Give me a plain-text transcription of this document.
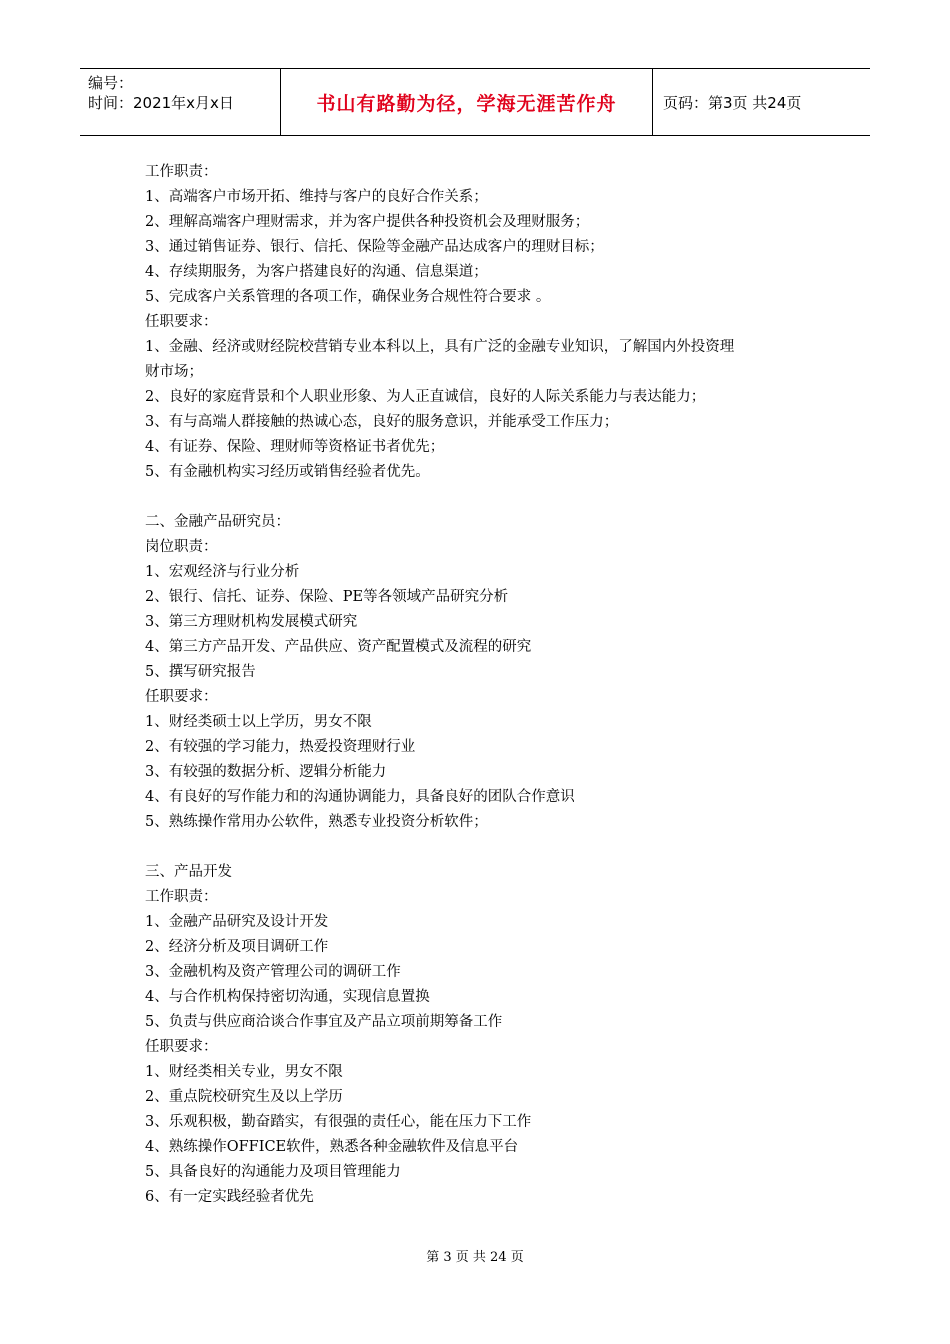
编号：
时间：2021年x月x日	书山有路勤为径，学海无涯苦作舟	页码：第3页 共24页

工作职责：

1、高端客户市场开拓、维持与客户的良好合作关系；

2、理解高端客户理财需求，并为客户提供各种投资机会及理财服务；

3、通过销售证券、银行、信托、保险等金融产品达成客户的理财目标；

4、存续期服务，为客户搭建良好的沟通、信息渠道；

5、完成客户关系管理的各项工作，确保业务合规性符合要求 。

任职要求：

1、金融、经济或财经院校营销专业本科以上，具有广泛的金融专业知识，了解国内外投资理

财市场；

2、良好的家庭背景和个人职业形象、为人正直诚信，良好的人际关系能力与表达能力；

3、有与高端人群接触的热诚心态，良好的服务意识，并能承受工作压力；

4、有证券、保险、理财师等资格证书者优先；

5、有金融机构实习经历或销售经验者优先。

二、金融产品研究员：

岗位职责：

1、宏观经济与行业分析

2、银行、信托、证券、保险、PE等各领域产品研究分析

3、第三方理财机构发展模式研究

4、第三方产品开发、产品供应、资产配置模式及流程的研究

5、撰写研究报告

任职要求：

1、财经类硕士以上学历，男女不限

2、有较强的学习能力，热爱投资理财行业

3、有较强的数据分析、逻辑分析能力

4、有良好的写作能力和的沟通协调能力，具备良好的团队合作意识

5、熟练操作常用办公软件，熟悉专业投资分析软件；

三、产品开发

工作职责：

1、金融产品研究及设计开发

2、经济分析及项目调研工作

3、金融机构及资产管理公司的调研工作

4、与合作机构保持密切沟通，实现信息置换

5、负责与供应商洽谈合作事宜及产品立项前期筹备工作

任职要求：

1、财经类相关专业，男女不限

2、重点院校研究生及以上学历

3、乐观积极，勤奋踏实，有很强的责任心，能在压力下工作

4、熟练操作OFFICE软件，熟悉各种金融软件及信息平台

5、具备良好的沟通能力及项目管理能力

6、有一定实践经验者优先

第 3 页 共 24 页
